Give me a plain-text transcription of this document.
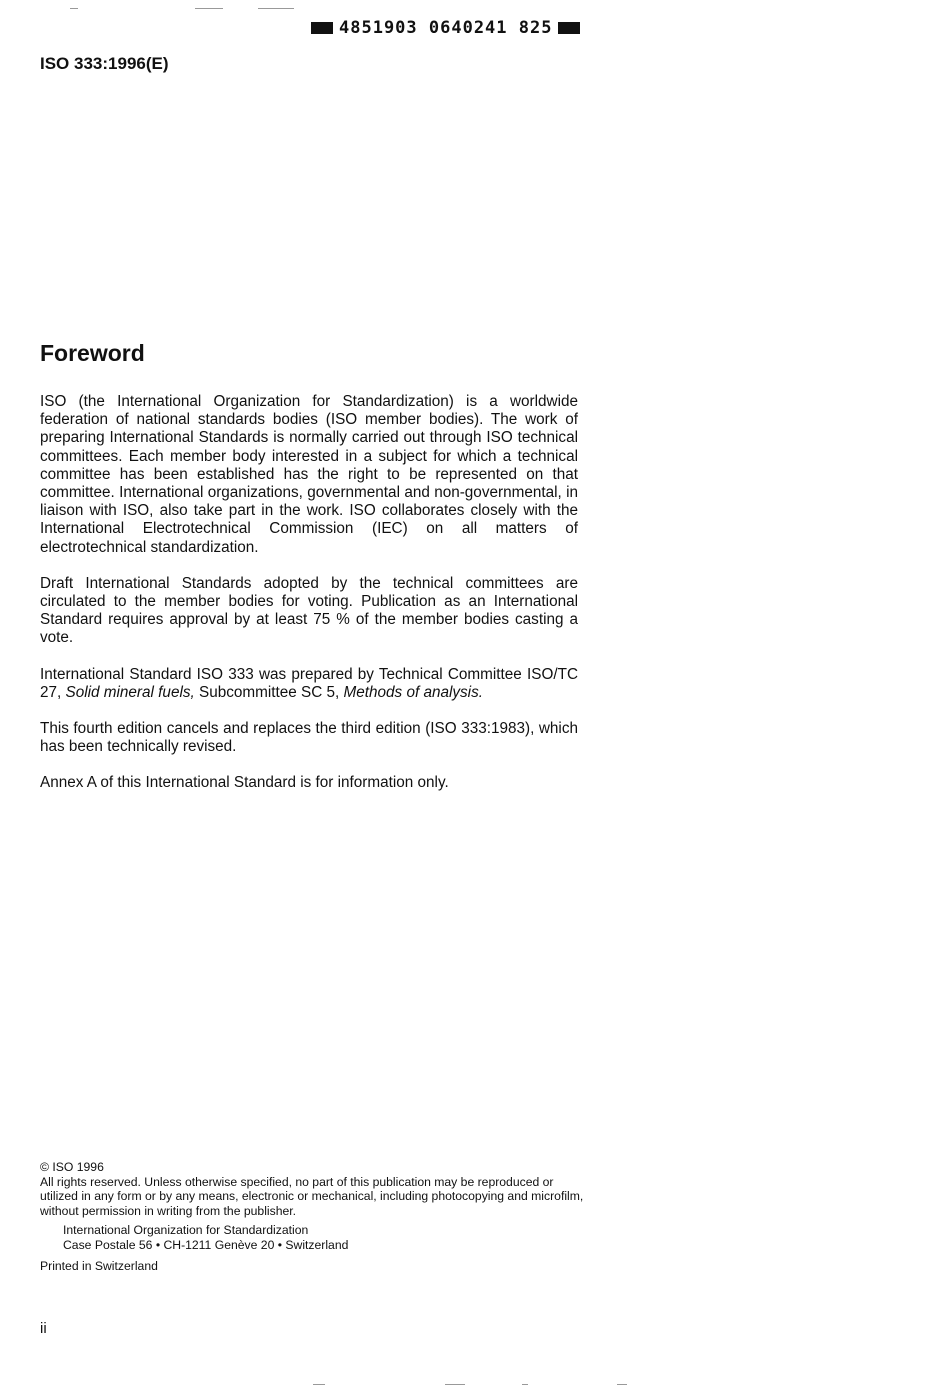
4851903 0640241 825
ISO 333:1996(E)
Foreword

ISO (the International Organization for Standardization) is a worldwide federation of national standards bodies (ISO member bodies). The work of preparing International Standards is normally carried out through ISO technical committees. Each member body interested in a subject for which a technical committee has been established has the right to be represented on that committee. International organizations, governmental and non-governmental, in liaison with ISO, also take part in the work. ISO collaborates closely with the International Electrotechnical Commission (IEC) on all matters of electrotechnical standardization.

Draft International Standards adopted by the technical committees are circulated to the member bodies for voting. Publication as an International Standard requires approval by at least 75 % of the member bodies casting a vote.

International Standard ISO 333 was prepared by Technical Committee ISO/TC 27, Solid mineral fuels, Subcommittee SC 5, Methods of analysis.

This fourth edition cancels and replaces the third edition (ISO 333:1983), which has been technically revised.

Annex A of this International Standard is for information only.

© ISO 1996

All rights reserved. Unless otherwise specified, no part of this publication may be reproduced or utilized in any form or by any means, electronic or mechanical, including photocopying and microfilm, without permission in writing from the publisher.

International Organization for Standardization

Case Postale 56 • CH-1211 Genève 20 • Switzerland

Printed in Switzerland

ii
